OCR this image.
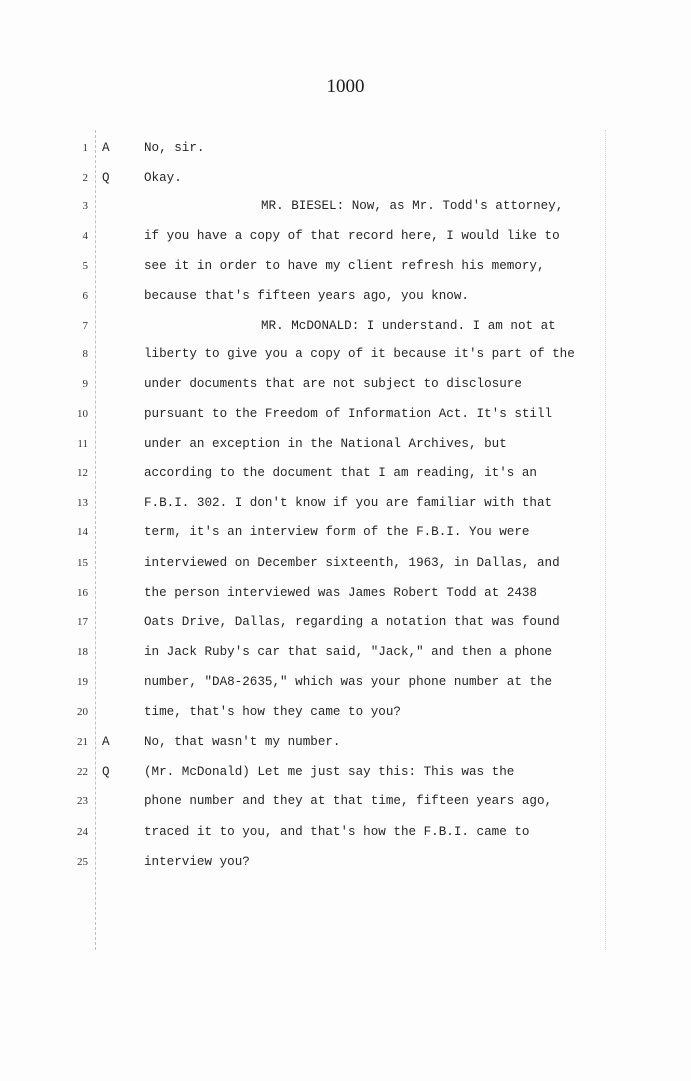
1000
1 A	No, sir.
2 Q	Okay.
3	MR. BIESEL: Now, as Mr. Todd's attorney,
4	if you have a copy of that record here, I would like to
5	see it in order to have my client refresh his memory,
6	because that's fifteen years ago, you know.
7	MR. McDONALD: I understand. I am not at
8	liberty to give you a copy of it because it's part of the
9	under documents that are not subject to disclosure
10	pursuant to the Freedom of Information Act. It's still
11	under an exception in the National Archives, but
12	according to the document that I am reading, it's an
13	F.B.I. 302. I don't know if you are familiar with that
14	term, it's an interview form of the F.B.I. You were
15	interviewed on December sixteenth, 1963, in Dallas, and
16	the person interviewed was James Robert Todd at 2438
17	Oats Drive, Dallas, regarding a notation that was found
18	in Jack Ruby's car that said, "Jack," and then a phone
19	number, "DA8-2635," which was your phone number at the
20	time, that's how they came to you?
21 A	No, that wasn't my number.
22 Q	(Mr. McDonald) Let me just say this: This was the
23	phone number and they at that time, fifteen years ago,
24	traced it to you, and that's how the F.B.I. came to
25	interview you?
